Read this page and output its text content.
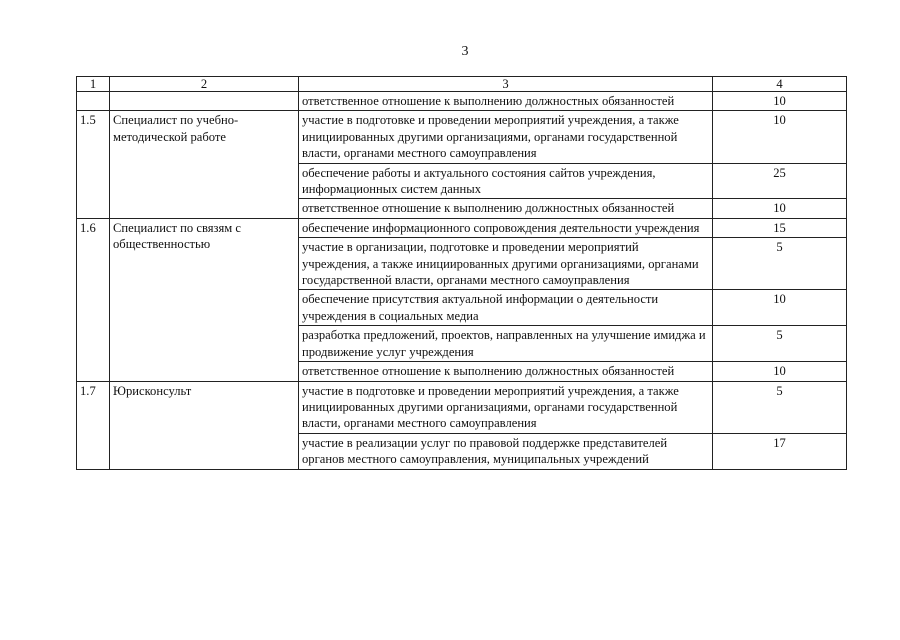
3
1	2	3	4
		ответственное отношение к выполнению должностных обязанностей	10
1.5	Специалист по учебно-методической работе	участие в подготовке и проведении мероприятий учреждения, а также инициированных другими организациями, органами государственной власти, органами местного самоуправления	10
		обеспечение работы и актуального состояния сайтов учреждения, информационных систем данных	25
		ответственное отношение к выполнению должностных обязанностей	10
1.6	Специалист по связям с общественностью	обеспечение информационного сопровождения деятельности учреждения	15
		участие в организации, подготовке и проведении мероприятий учреждения, а также инициированных другими организациями, органами государственной власти, органами местного самоуправления	5
		обеспечение присутствия актуальной информации о деятельности учреждения в социальных медиа	10
		разработка предложений, проектов, направленных на улучшение имиджа и продвижение услуг учреждения	5
		ответственное отношение к выполнению должностных обязанностей	10
1.7	Юрисконсульт	участие в подготовке и проведении мероприятий учреждения, а также инициированных другими организациями, органами государственной власти, органами местного самоуправления	5
		участие в реализации услуг по правовой поддержке представителей органов местного самоуправления, муниципальных учреждений	17
